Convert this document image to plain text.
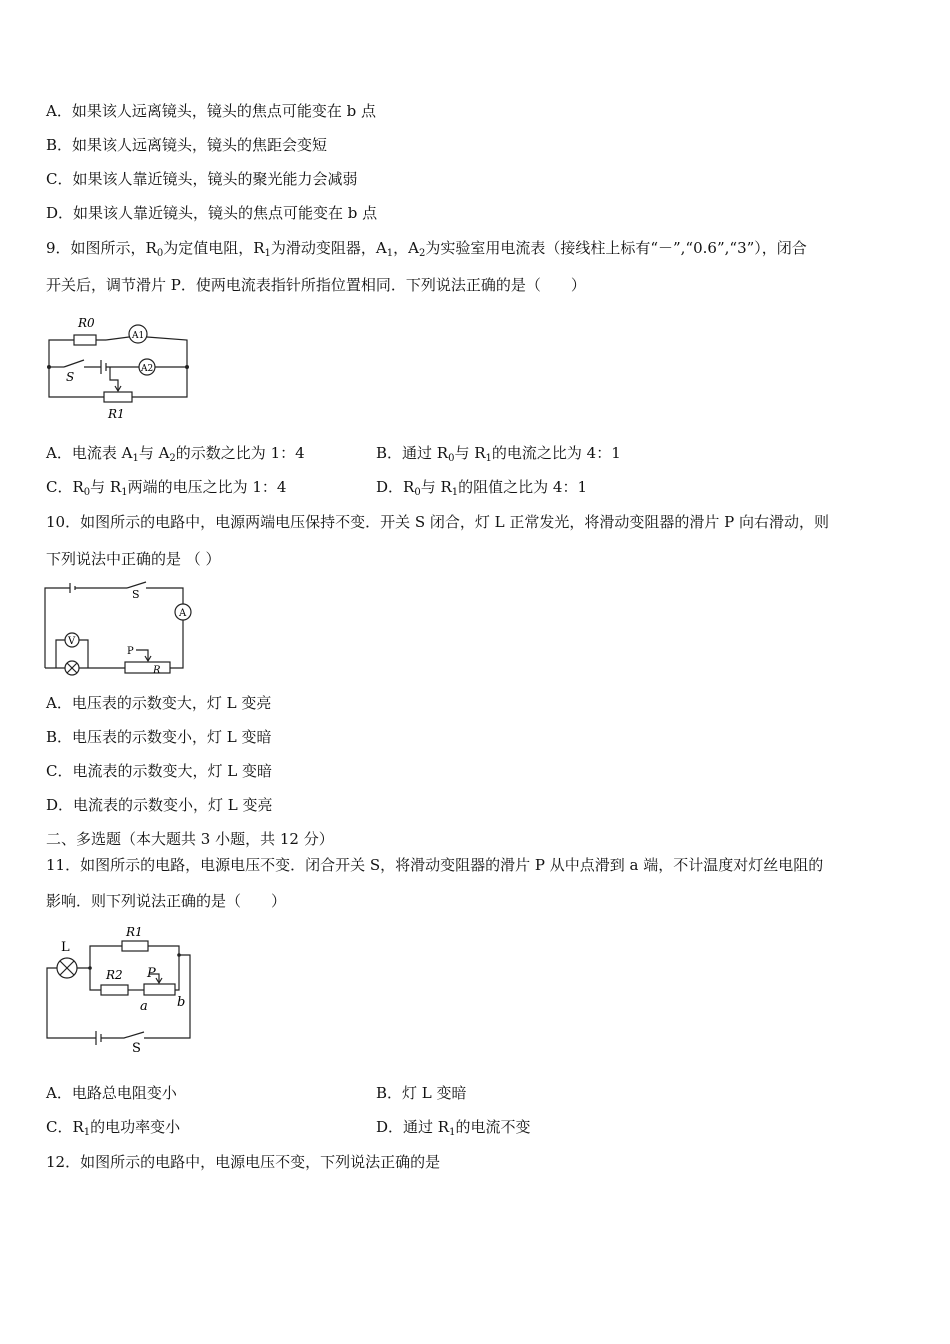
A．如果该人远离镜头，镜头的焦点可能变在 b 点
B．如果该人远离镜头，镜头的焦距会变短
C．如果该人靠近镜头，镜头的聚光能力会减弱
D．如果该人靠近镜头，镜头的焦点可能变在 b 点
9．如图所示，$R_0$为定值电阻，$R_1$为滑动变阻器，$A_1$，$A_2$为实验室用电流表（接线柱上标有“－”,“0.6”,“3”），闭合
开关后，调节滑片 P．使两电流表指针所指位置相同．下列说法正确的是（　　）
R0
A1
A2
S
R1
A．电流表 $A_1$与 $A_2$的示数之比为 1：4	B．通过 $R_0$与 $R_1$的电流之比为 4：1
C．$R_0$与 $R_1$两端的电压之比为 1：4	D．$R_0$与 $R_1$的阻值之比为 4：1
10．如图所示的电路中，电源两端电压保持不变．开关 S 闭合，灯 L 正常发光，将滑动变阻器的滑片 P 向右滑动，则
下列说法中正确的是 （ ）
S
A
V
P
R
A．电压表的示数变大，灯 L 变亮
B．电压表的示数变小，灯 L 变暗
C．电流表的示数变大，灯 L 变暗
D．电流表的示数变小，灯 L 变亮
二、多选题（本大题共 3 小题，共 12 分）
11．如图所示的电路，电源电压不变．闭合开关 S，将滑动变阻器的滑片 P 从中点滑到 a 端，不计温度对灯丝电阻的
影响．则下列说法正确的是（　　）
L
R1
R2 P
a b
S
A．电路总电阻变小	B．灯 L 变暗
C．$R_1$的电功率变小	D．通过 $R_1$的电流不变
12．如图所示的电路中，电源电压不变，下列说法正确的是
